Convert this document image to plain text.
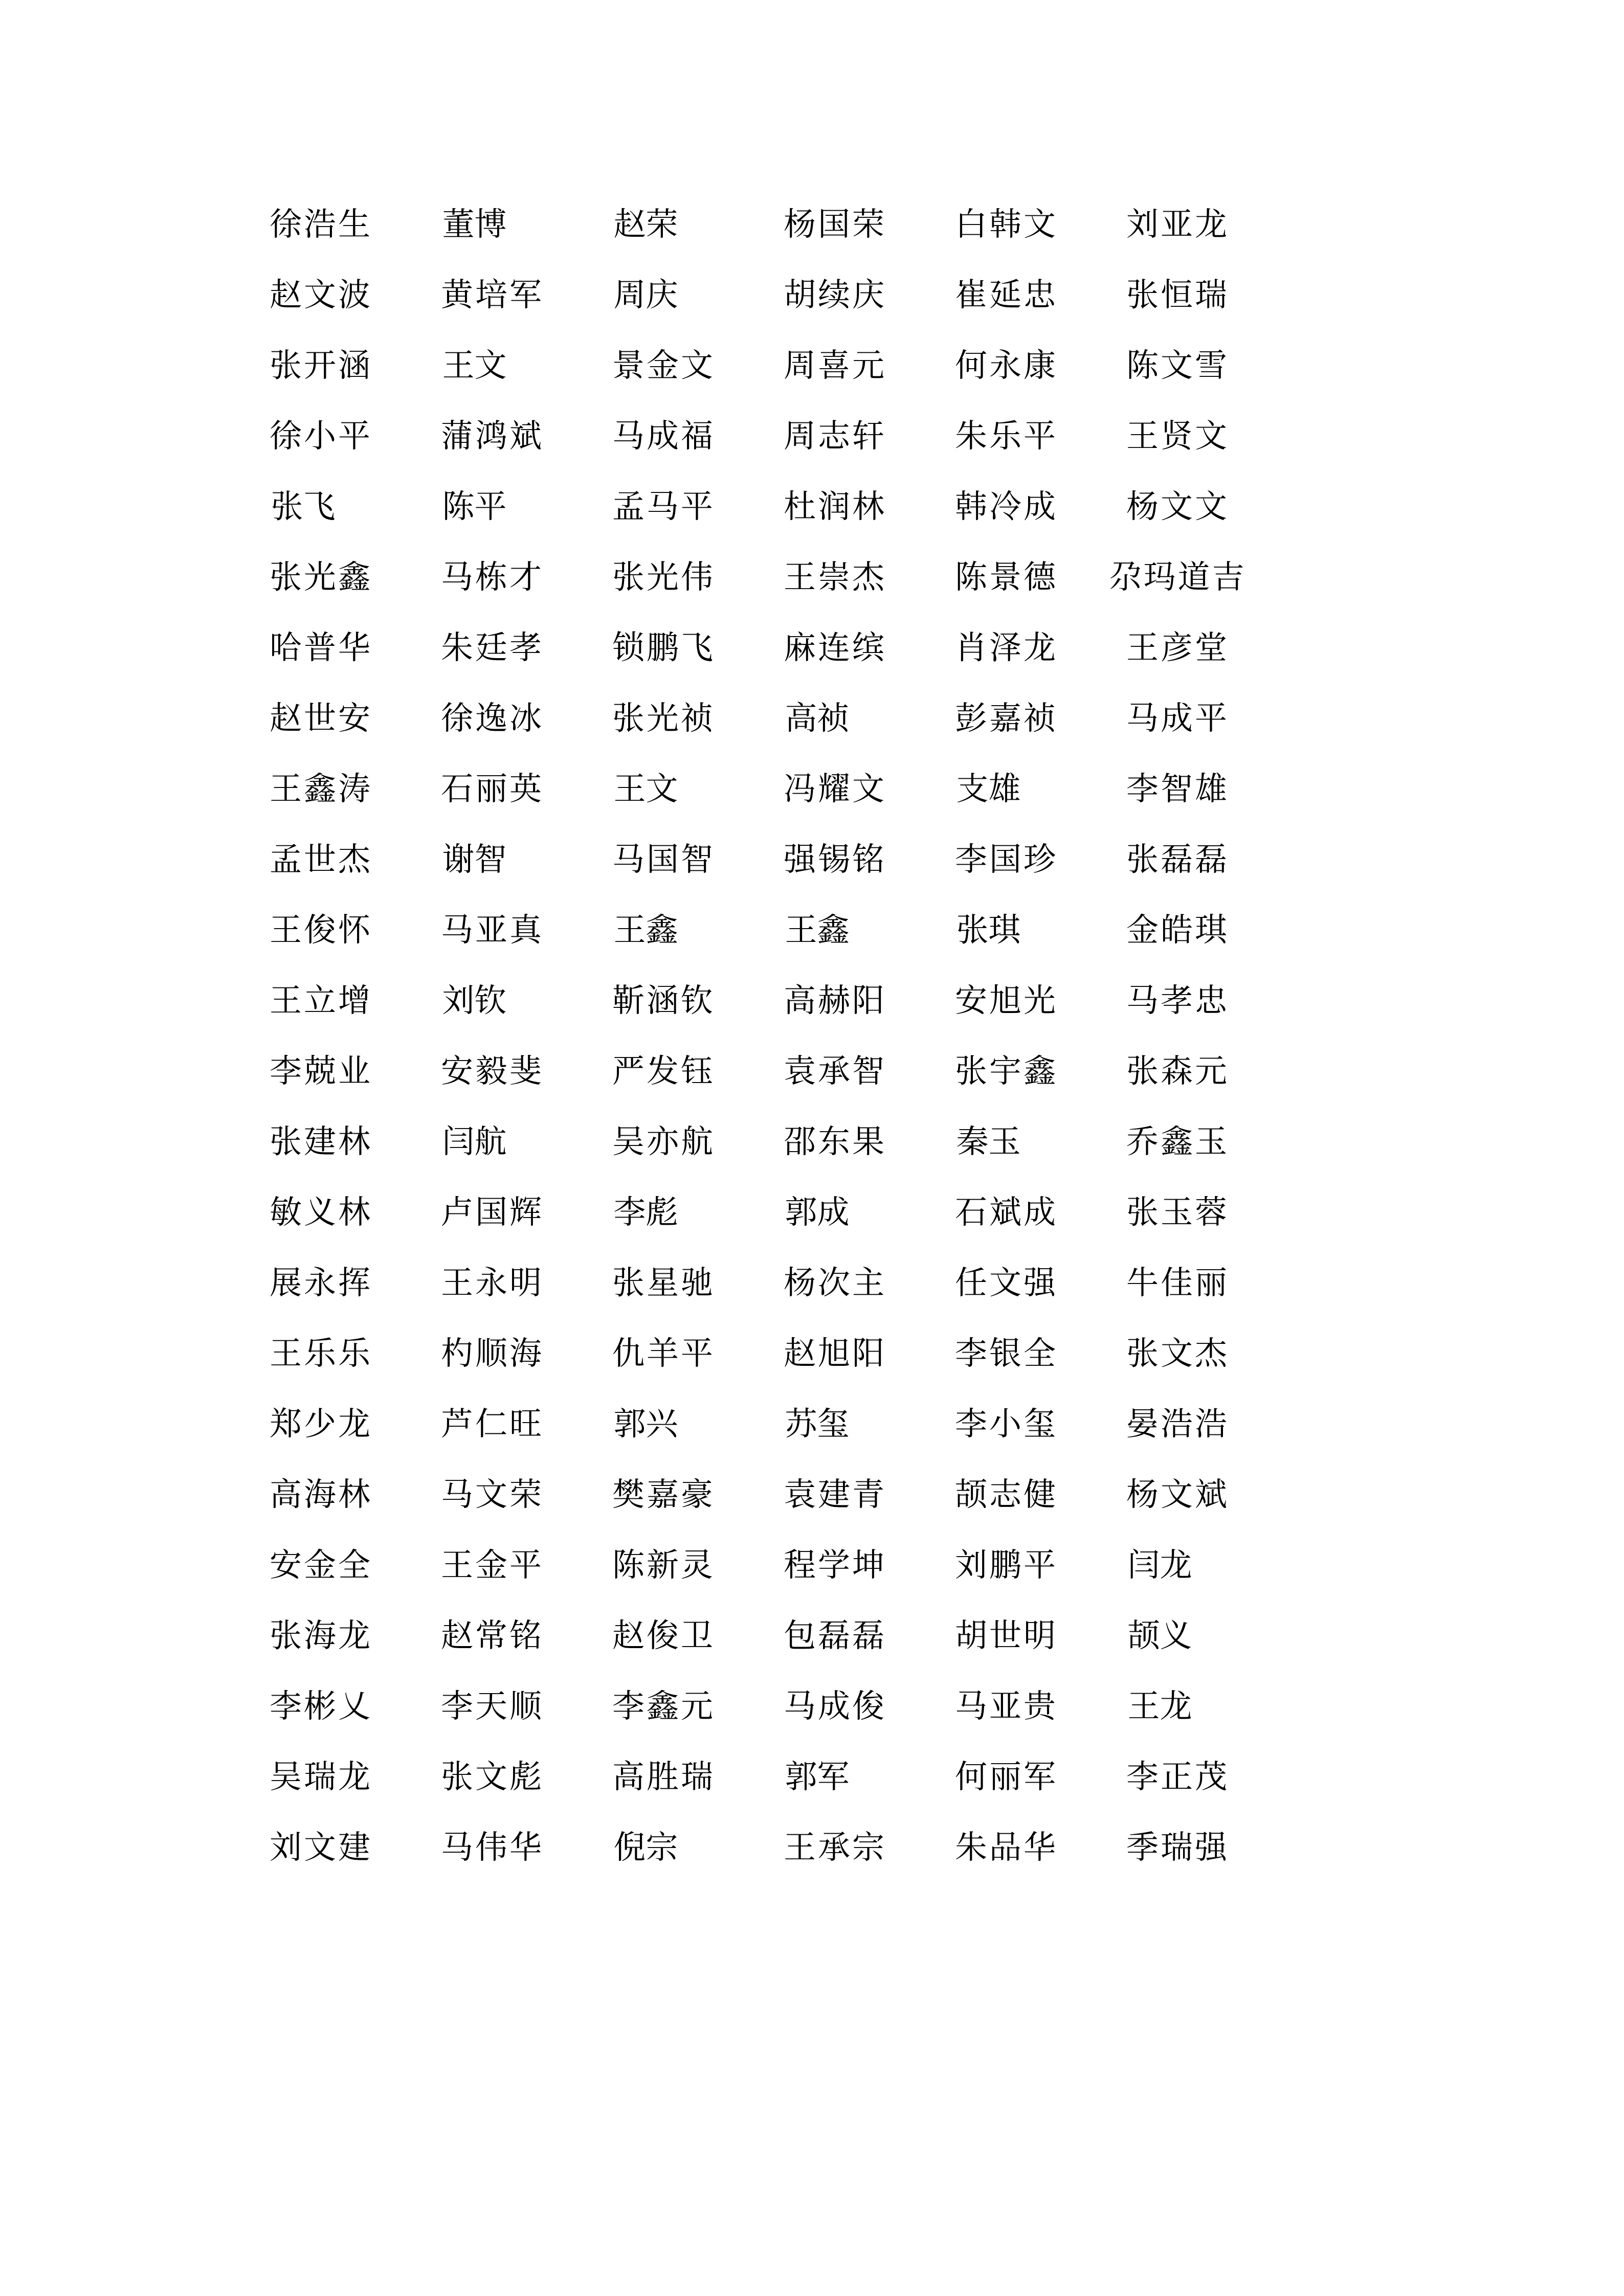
徐浩生	董博	赵荣	杨国荣	白韩文	刘亚龙
赵文波	黄培军	周庆	胡续庆	崔延忠	张恒瑞
张开涵	王文	景金文	周喜元	何永康	陈文雪
徐小平	蒲鸿斌	马成福	周志轩	朱乐平	王贤文
张飞	陈平	孟马平	杜润林	韩冷成	杨文文
张光鑫	马栋才	张光伟	王崇杰	陈景德	尕玛道吉
哈普华	朱廷孝	锁鹏飞	麻连缤	肖泽龙	王彦堂
赵世安	徐逸冰	张光祯	高祯	彭嘉祯	马成平
王鑫涛	石丽英	王文	冯耀文	支雄	李智雄
孟世杰	谢智	马国智	强锡铭	李国珍	张磊磊
王俊怀	马亚真	王鑫	王鑫	张琪	金皓琪
王立增	刘钦	靳涵钦	高赫阳	安旭光	马孝忠
李兢业	安毅斐	严发钰	袁承智	张宇鑫	张森元
张建林	闫航	吴亦航	邵东果	秦玉	乔鑫玉
敏义林	卢国辉	李彪	郭成	石斌成	张玉蓉
展永挥	王永明	张星驰	杨次主	任文强	牛佳丽
王乐乐	杓顺海	仇羊平	赵旭阳	李银全	张文杰
郑少龙	芦仁旺	郭兴	苏玺	李小玺	晏浩浩
高海林	马文荣	樊嘉豪	袁建青	颉志健	杨文斌
安金全	王金平	陈新灵	程学坤	刘鹏平	闫龙
张海龙	赵常铭	赵俊卫	包磊磊	胡世明	颉义
李彬乂	李天顺	李鑫元	马成俊	马亚贵	王龙
吴瑞龙	张文彪	高胜瑞	郭军	何丽军	李正茂
刘文建	马伟华	倪宗	王承宗	朱品华	季瑞强
